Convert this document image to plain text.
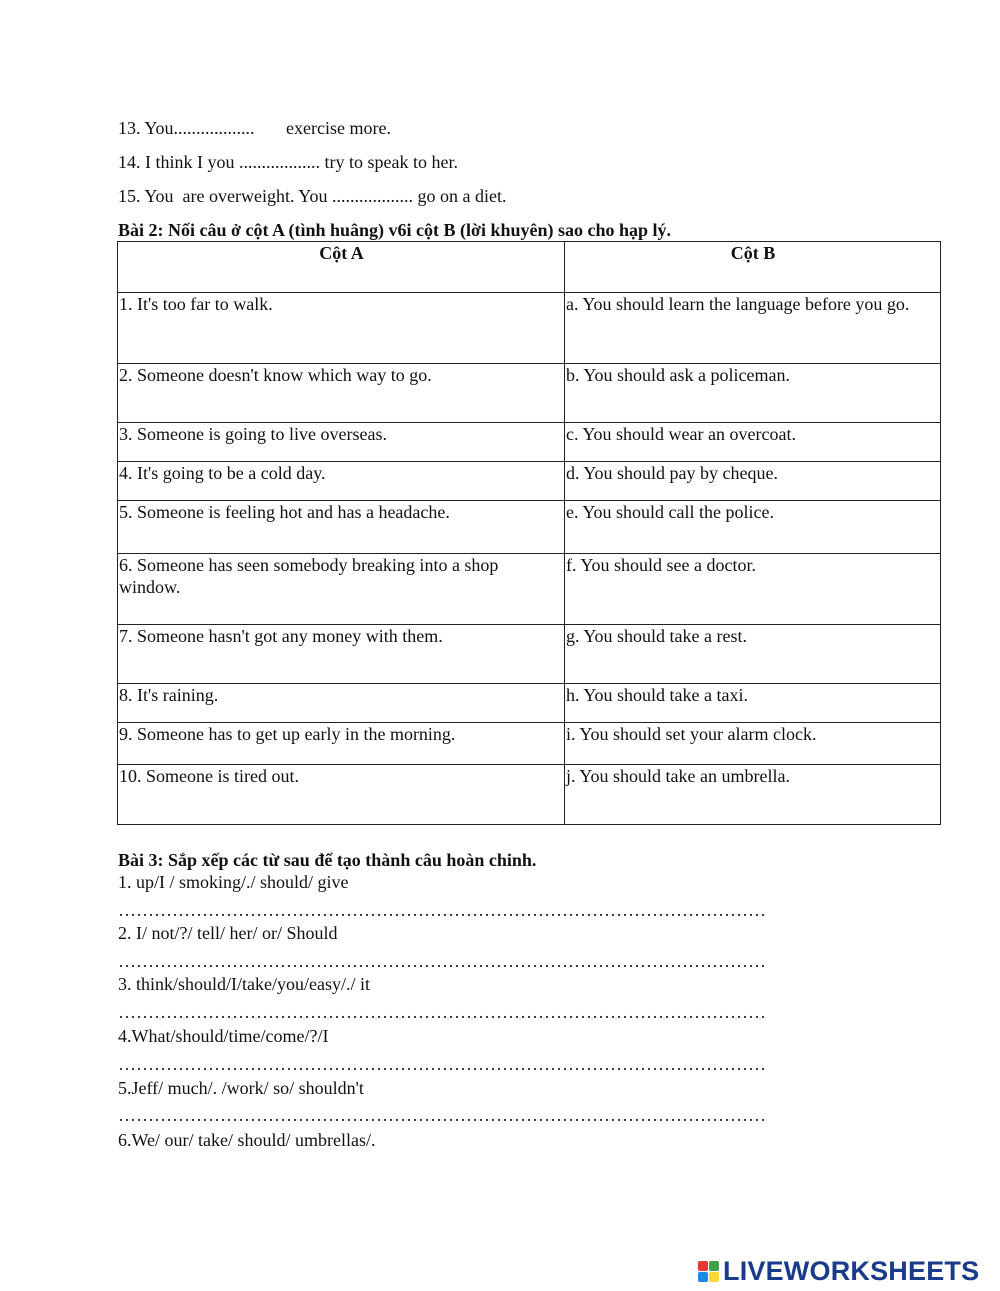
13. You..................       exercise more.
14. I think I you .................. try to speak to her.
15. You  are overweight. You .................. go on a diet.
Bài 2: Nối câu ở cột A (tình huâng) v6i cột B (lời khuyên) sao cho hạp lý.
Cột A	Cột B
1. It's too far to walk.	a. You should learn the language before you go.
2. Someone doesn't know which way to go.	b. You should ask a policeman.
3. Someone is going to live overseas.	c. You should wear an overcoat.
4. It's going to be a cold day.	d. You should pay by cheque.
5. Someone is feeling hot and has a headache.	e. You should call the police.
6. Someone has seen somebody breaking into a shop window.	f. You should see a doctor.
7. Someone hasn't got any money with them.	g. You should take a rest.
8. It's raining.	h. You should take a taxi.
9. Someone has to get up early in the morning.	i. You should set your alarm clock.
10. Someone is tired out.	j. You should take an umbrella.
Bài 3: Sắp xếp các từ sau để tạo thành câu hoàn chinh.
1. up/I / smoking/./ should/ give
………………………………………………………………………………………………
2. I/ not/?/ tell/ her/ or/ Should
………………………………………………………………………………………………
3. think/should/I/take/you/easy/./ it
………………………………………………………………………………………………
4.What/should/time/come/?/I
………………………………………………………………………………………………
5.Jeff/ much/. /work/ so/ shouldn't
………………………………………………………………………………………………
6.We/ our/ take/ should/ umbrellas/.
LIVEWORKSHEETS
